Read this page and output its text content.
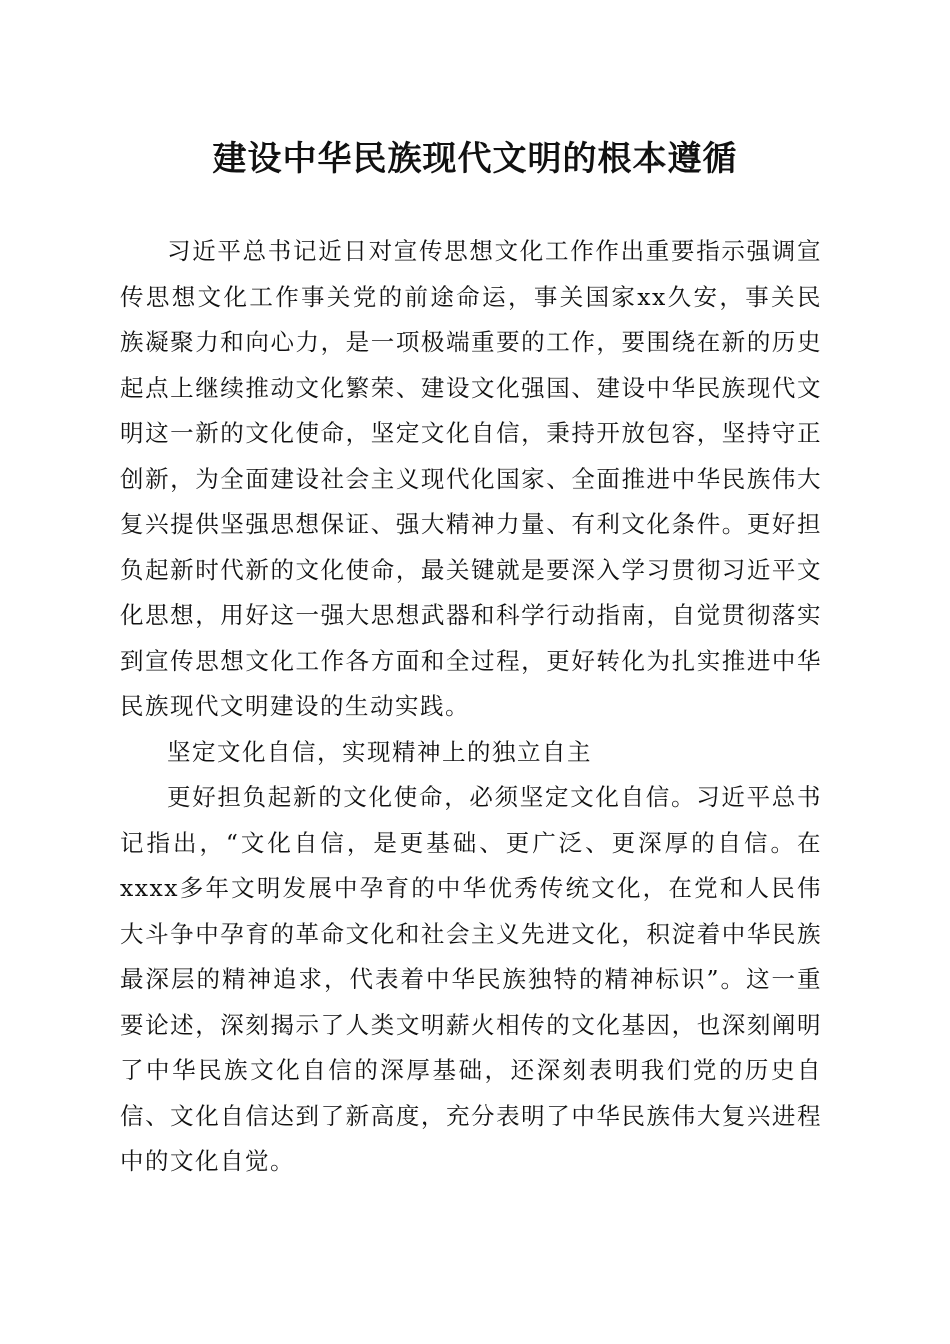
建设中华民族现代文明的根本遵循

习近平总书记近日对宣传思想文化工作作出重要指示强调宣传思想文化工作事关党的前途命运，事关国家xx久安，事关民族凝聚力和向心力，是一项极端重要的工作，要围绕在新的历史起点上继续推动文化繁荣、建设文化强国、建设中华民族现代文明这一新的文化使命，坚定文化自信，秉持开放包容，坚持守正创新，为全面建设社会主义现代化国家、全面推进中华民族伟大复兴提供坚强思想保证、强大精神力量、有利文化条件。更好担负起新时代新的文化使命，最关键就是要深入学习贯彻习近平文化思想，用好这一强大思想武器和科学行动指南，自觉贯彻落实到宣传思想文化工作各方面和全过程，更好转化为扎实推进中华民族现代文明建设的生动实践。

坚定文化自信，实现精神上的独立自主

更好担负起新的文化使命，必须坚定文化自信。习近平总书记指出，“文化自信，是更基础、更广泛、更深厚的自信。在xxxx多年文明发展中孕育的中华优秀传统文化，在党和人民伟大斗争中孕育的革命文化和社会主义先进文化，积淀着中华民族最深层的精神追求，代表着中华民族独特的精神标识”。这一重要论述，深刻揭示了人类文明薪火相传的文化基因，也深刻阐明了中华民族文化自信的深厚基础，还深刻表明我们党的历史自信、文化自信达到了新高度，充分表明了中华民族伟大复兴进程中的文化自觉。
